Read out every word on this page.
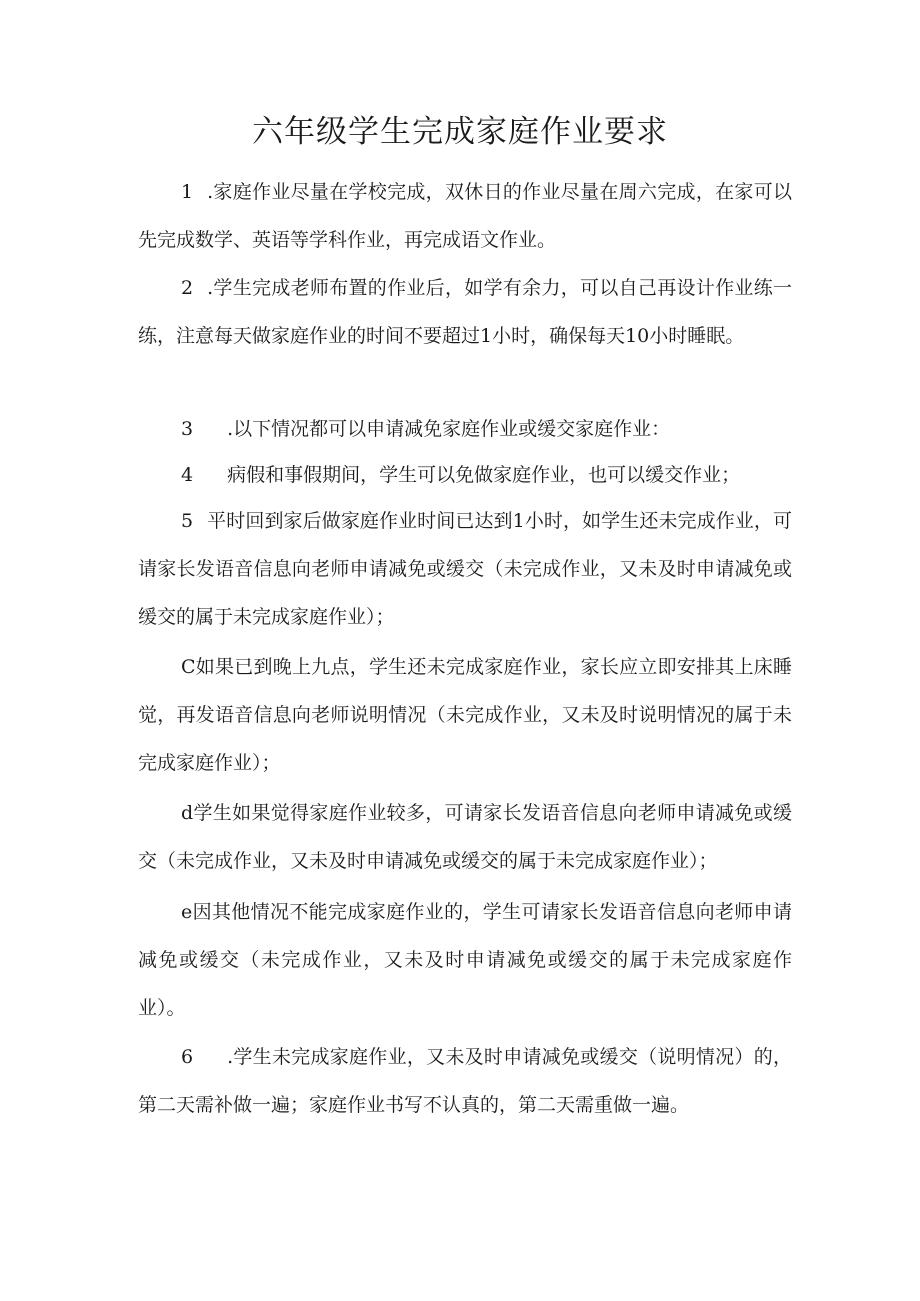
六年级学生完成家庭作业要求

1 .家庭作业尽量在学校完成，双休日的作业尽量在周六完成，在家可以先完成数学、英语等学科作业，再完成语文作业。

2 .学生完成老师布置的作业后，如学有余力，可以自己再设计作业练一练，注意每天做家庭作业的时间不要超过1小时，确保每天10小时睡眠。

3 .以下情况都可以申请减免家庭作业或缓交家庭作业：

4 病假和事假期间，学生可以免做家庭作业，也可以缓交作业；

5 平时回到家后做家庭作业时间已达到1小时，如学生还未完成作业，可请家长发语音信息向老师申请减免或缓交（未完成作业，又未及时申请减免或缓交的属于未完成家庭作业）；

C如果已到晚上九点，学生还未完成家庭作业，家长应立即安排其上床睡觉，再发语音信息向老师说明情况（未完成作业，又未及时说明情况的属于未完成家庭作业）；

d学生如果觉得家庭作业较多，可请家长发语音信息向老师申请减免或缓交（未完成作业，又未及时申请减免或缓交的属于未完成家庭作业）；

e因其他情况不能完成家庭作业的，学生可请家长发语音信息向老师申请减免或缓交（未完成作业，又未及时申请减免或缓交的属于未完成家庭作业）。

6 .学生未完成家庭作业，又未及时申请减免或缓交（说明情况）的，第二天需补做一遍；家庭作业书写不认真的，第二天需重做一遍。
